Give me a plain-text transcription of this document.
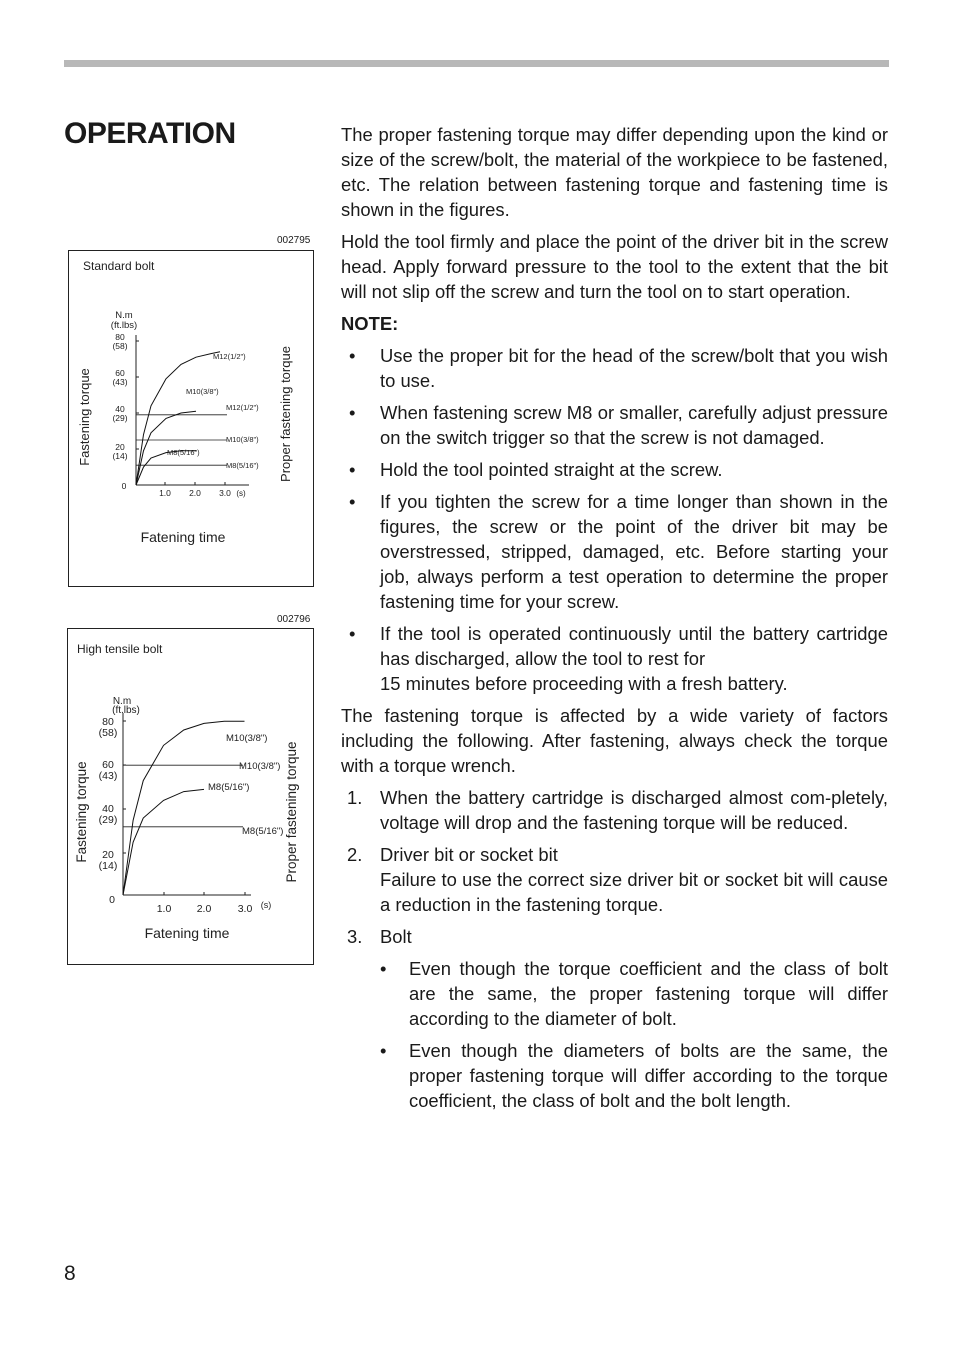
OPERATION
002795
Standard bolt
N.m
(ft.lbs)
80
(58)
60
(43)
40
(29)
20
(14)
0
1.0 2.0 3.0 (s)
Fastening torque	Proper fastening torque
Fatening time
M12(1/2")
M10(3/8")
M8(5/16")
M12(1/2")
M10(3/8")
M8(5/16")
002796
High tensile bolt
N.m
(ft.lbs)
80
(58)
60
(43)
40
(29)
20
(14)
0
1.0 2.0	3.0 (s)
Fastening torque	Proper fastening torque
Fatening time
M10(3/8")
M8(5/16")
M10(3/8")
M8(5/16")

The proper fastening torque may differ depending upon the kind or size of the screw/bolt, the material of the workpiece to be fastened, etc. The relation between fastening torque and fastening time is shown in the figures.

Hold the tool firmly and place the point of the driver bit in the screw head. Apply forward pressure to the tool to the extent that the bit will not slip off the screw and turn the tool on to start operation.

NOTE:
• Use the proper bit for the head of the screw/bolt that you wish to use.
• When fastening screw M8 or smaller, carefully adjust pressure on the switch trigger so that the screw is not damaged.
• Hold the tool pointed straight at the screw.
• If you tighten the screw for a time longer than shown in the figures, the screw or the point of the driver bit may be overstressed, stripped, damaged, etc. Before starting your job, always perform a test operation to determine the proper fastening time for your screw.
• If the tool is operated continuously until the battery cartridge has discharged, allow the tool to rest for
15 minutes before proceeding with a fresh battery.

The fastening torque is affected by a wide variety of factors including the following. After fastening, always check the torque with a torque wrench.

1. When the battery cartridge is discharged almost com-pletely, voltage will drop and the fastening torque will be reduced.
2. Driver bit or socket bit
Failure to use the correct size driver bit or socket bit will cause a reduction in the fastening torque.
3. Bolt
• Even though the torque coefficient and the class of bolt are the same, the proper fastening torque will differ according to the diameter of bolt.
• Even though the diameters of bolts are the same, the proper fastening torque will differ according to the torque coefficient, the class of bolt and the bolt length.
8
